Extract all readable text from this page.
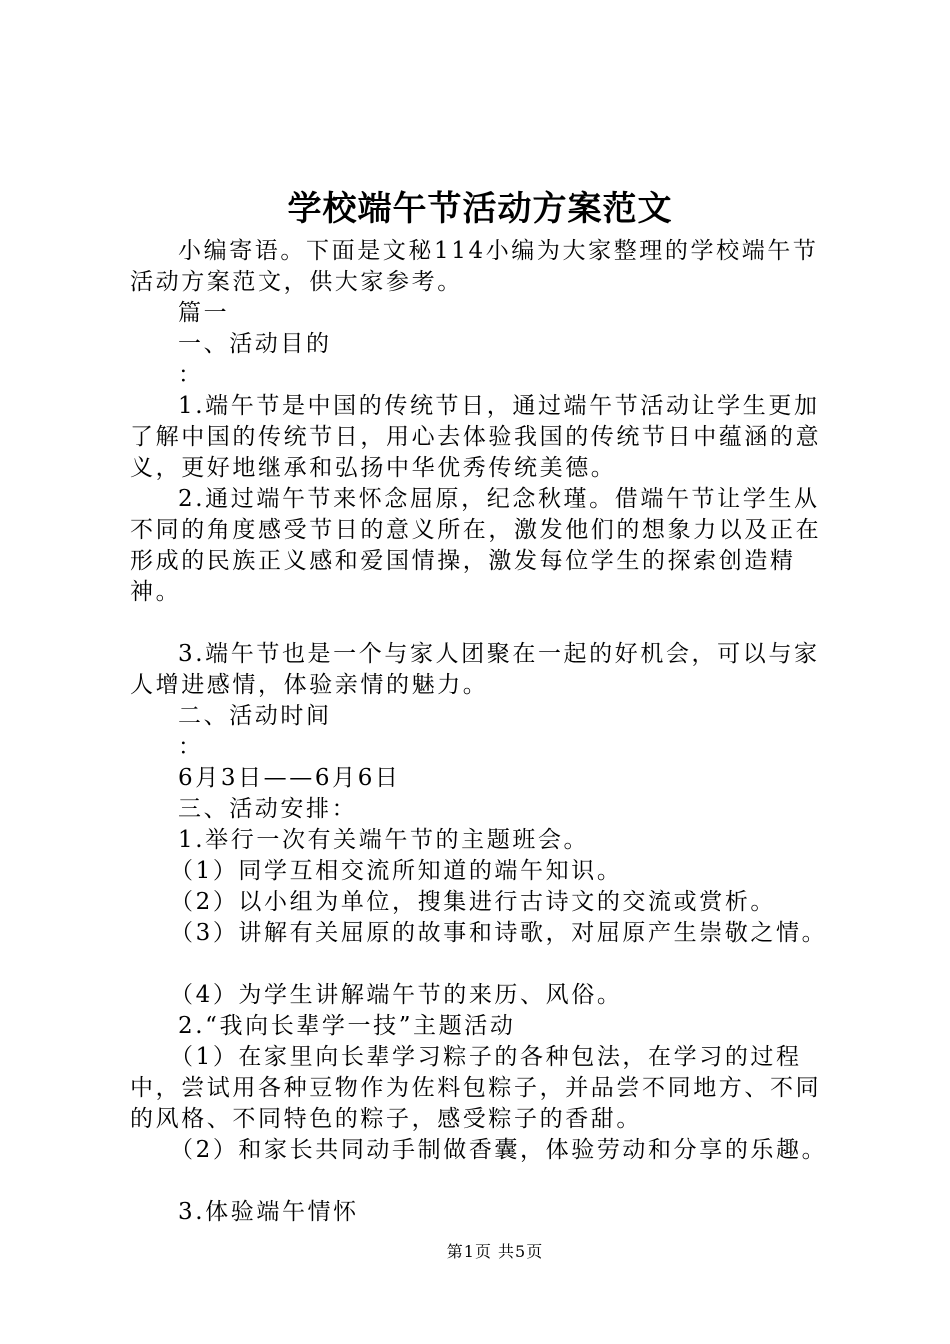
学校端午节活动方案范文

小编寄语。下面是文秘114小编为大家整理的学校端午节活动方案范文，供大家参考。

篇一

一、活动目的

：

1.端午节是中国的传统节日，通过端午节活动让学生更加了解中国的传统节日，用心去体验我国的传统节日中蕴涵的意义，更好地继承和弘扬中华优秀传统美德。

2.通过端午节来怀念屈原，纪念秋瑾。借端午节让学生从不同的角度感受节日的意义所在，激发他们的想象力以及正在形成的民族正义感和爱国情操，激发每位学生的探索创造精神。

3.端午节也是一个与家人团聚在一起的好机会，可以与家人增进感情，体验亲情的魅力。

二、活动时间

：

6月3日——6月6日

三、活动安排：

1.举行一次有关端午节的主题班会。

（1）同学互相交流所知道的端午知识。

（2）以小组为单位，搜集进行古诗文的交流或赏析。

（3）讲解有关屈原的故事和诗歌，对屈原产生崇敬之情。

（4）为学生讲解端午节的来历、风俗。

2.“我向长辈学一技”主题活动

（1）在家里向长辈学习粽子的各种包法，在学习的过程中，尝试用各种豆物作为佐料包粽子，并品尝不同地方、不同的风格、不同特色的粽子，感受粽子的香甜。

（2）和家长共同动手制做香囊，体验劳动和分享的乐趣。

3.体验端午情怀

第1页 共5页
